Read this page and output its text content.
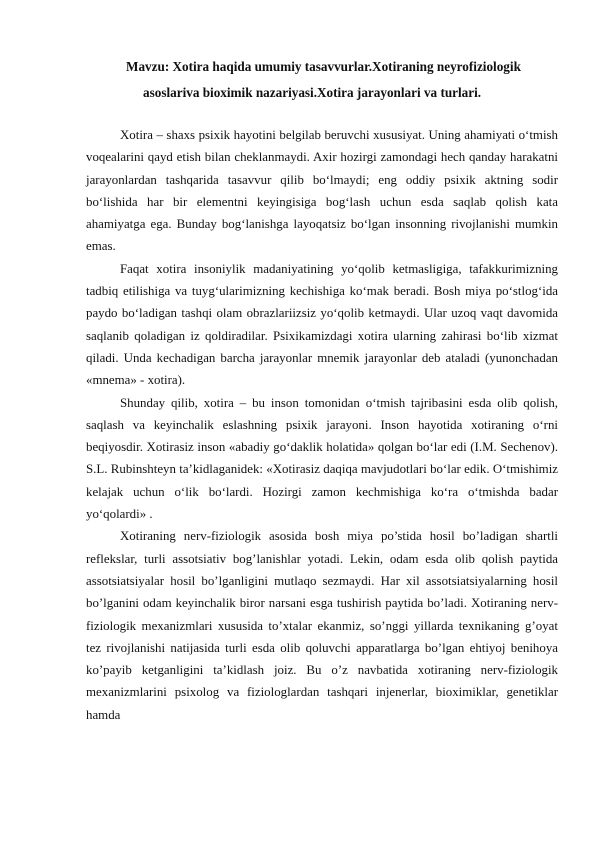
Mavzu: Xotira haqida umumiy tasavvurlar.Xotiraning neyrofiziologik
asoslariva bioximik nazariyasi.Xotira jarayonlari va turlari.

Xotira – shaxs psixik hayotini belgilab beruvchi xususiyat. Uning ahamiyati o‘tmish voqealarini qayd etish bilan cheklanmaydi. Axir hozirgi zamondagi hech qanday harakatni jarayonlardan tashqarida tasavvur qilib bo‘lmaydi; eng oddiy psixik aktning sodir bo‘lishida har bir elementni keyingisiga bog‘lash uchun esda saqlab qolish kata ahamiyatga ega. Bunday bog‘lanishga layoqatsiz bo‘lgan insonning rivojlanishi mumkin emas.

Faqat xotira insoniylik madaniyatining yo‘qolib ketmasligiga, tafakkurimizning tadbiq etilishiga va tuyg‘ularimizning kechishiga ko‘mak beradi. Bosh miya po‘stlog‘ida paydo bo‘ladigan tashqi olam obrazlariizsiz yo‘qolib ketmaydi. Ular uzoq vaqt davomida saqlanib qoladigan iz qoldiradilar. Psixikamizdagi xotira ularning zahirasi bo‘lib xizmat qiladi. Unda kechadigan barcha jarayonlar mnemik jarayonlar deb ataladi (yunonchadan «mnema» - xotira).

Shunday qilib, xotira – bu inson tomonidan o‘tmish tajribasini esda olib qolish, saqlash va keyinchalik eslashning psixik jarayoni. Inson hayotida xotiraning o‘rni beqiyosdir. Xotirasiz inson «abadiy go‘daklik holatida» qolgan bo‘lar edi (I.M. Sechenov). S.L. Rubinshteyn ta’kidlaganidek: «Xotirasiz daqiqa mavjudotlari bo‘lar edik. O‘tmishimiz kelajak uchun o‘lik bo‘lardi. Hozirgi zamon kechmishiga ko‘ra o‘tmishda badar yo‘qolardi» .

Xotiraning nerv-fiziologik asosida bosh miya po’stida hosil bo’ladigan shartli reflekslar, turli assotsiativ bog’lanishlar yotadi. Lekin, odam esda olib qolish paytida assotsiatsiyalar hosil bo’lganligini mutlaqo sezmaydi. Har xil assotsiatsiyalarning hosil bo’lganini odam keyinchalik biror narsani esga tushirish paytida bo’ladi. Xotiraning nerv-fiziologik mexanizmlari xususida to’xtalar ekanmiz, so’nggi yillarda texnikaning g’oyat tez rivojlanishi natijasida turli esda olib qoluvchi apparatlarga bo’lgan ehtiyoj benihoya ko’payib ketganligini ta’kidlash joiz. Bu o’z navbatida xotiraning nerv-fiziologik mexanizmlarini psixolog va fiziologlardan tashqari injenerlar, bioximiklar, genetiklar hamda
